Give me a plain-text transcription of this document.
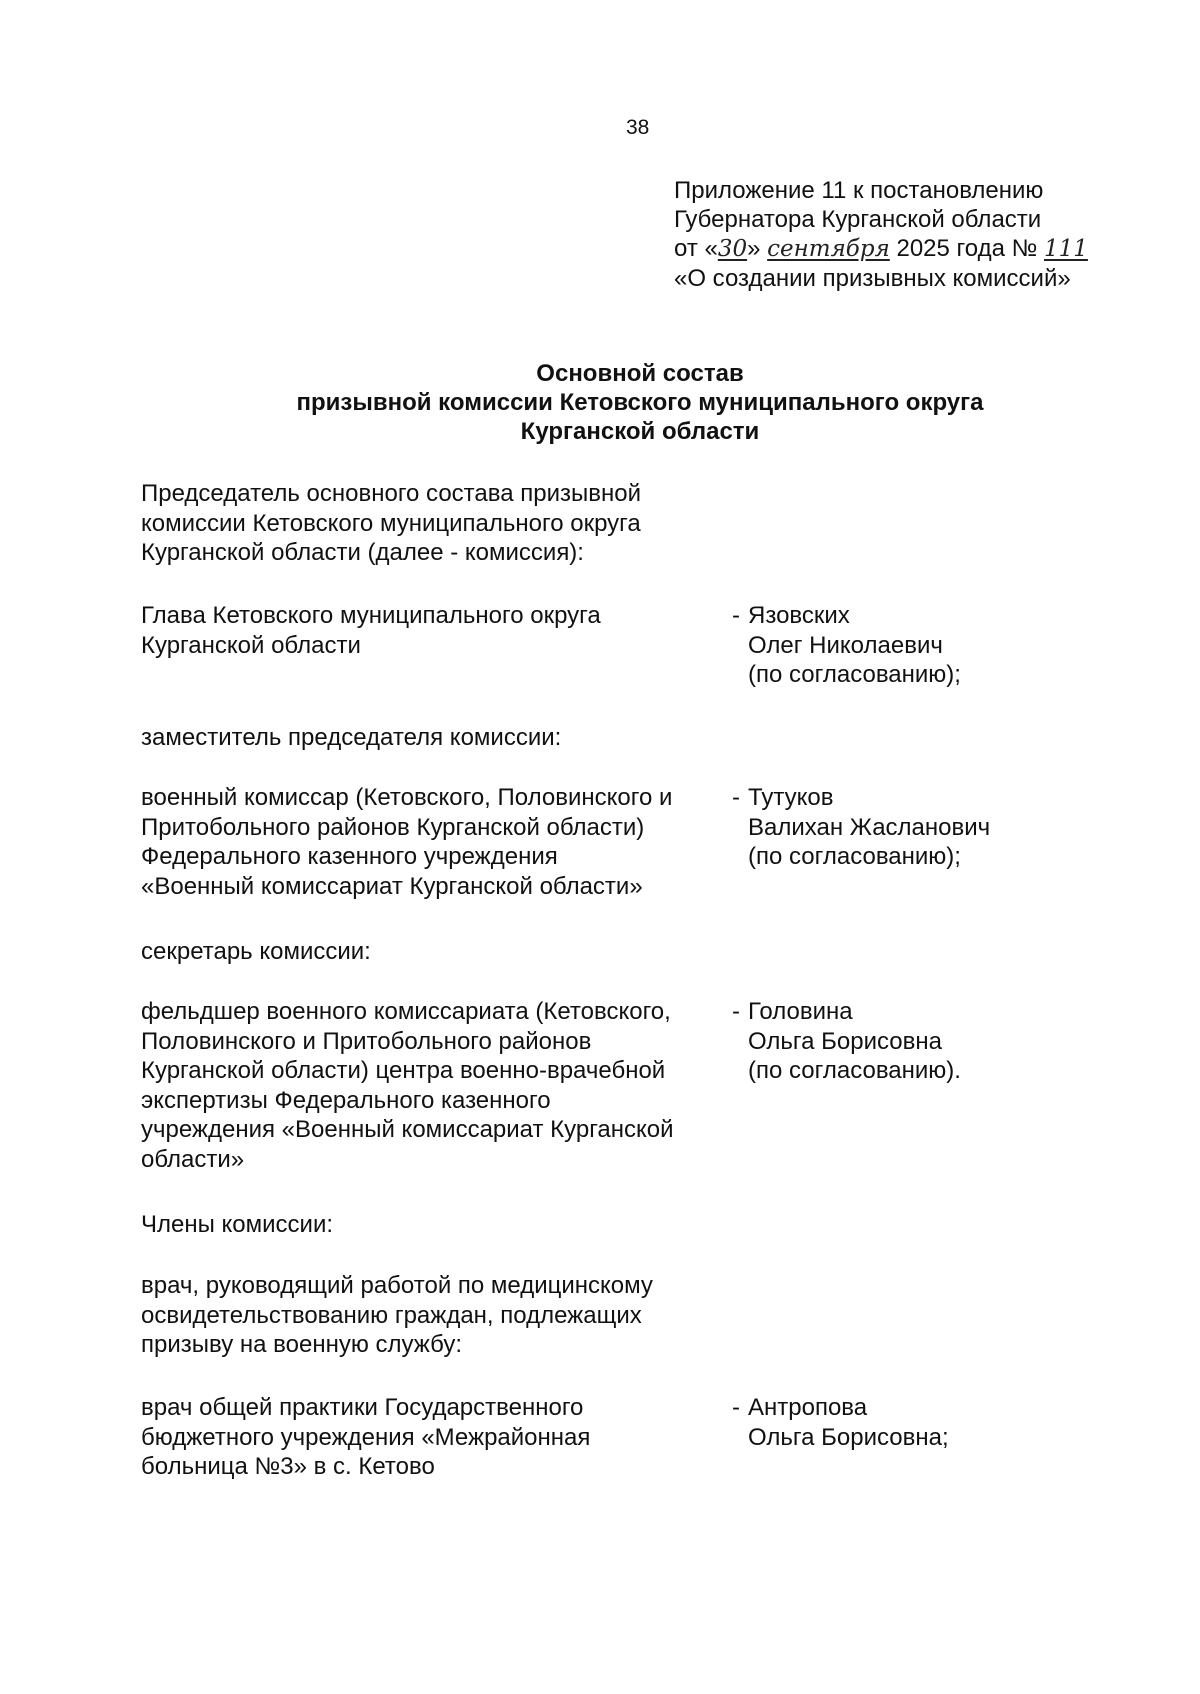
38
Приложение 11 к постановлению
Губернатора Курганской области
от «30» сентября 2025 года № 111
«О создании призывных комиссий»
Основной состав
призывной комиссии Кетовского муниципального округа
Курганской области
Председатель основного состава призывной
комиссии Кетовского муниципального округа
Курганской области (далее - комиссия):
Глава Кетовского муниципального округа
Курганской области
- Язовских
Олег Николаевич
(по согласованию);
заместитель председателя комиссии:
военный комиссар (Кетовского, Половинского и
Притобольного районов Курганской области)
Федерального казенного учреждения
«Военный комиссариат Курганской области»
- Тутуков
Валихан Жасланович
(по согласованию);
секретарь комиссии:
фельдшер военного комиссариата (Кетовского,
Половинского и Притобольного районов
Курганской области) центра военно-врачебной
экспертизы Федерального казенного
учреждения «Военный комиссариат Курганской
области»
- Головина
Ольга Борисовна
(по согласованию).
Члены комиссии:
врач, руководящий работой по медицинскому
освидетельствованию граждан, подлежащих
призыву на военную службу:
врач общей практики Государственного
бюджетного учреждения «Межрайонная
больница №3» в с. Кетово
- Антропова
Ольга Борисовна;
